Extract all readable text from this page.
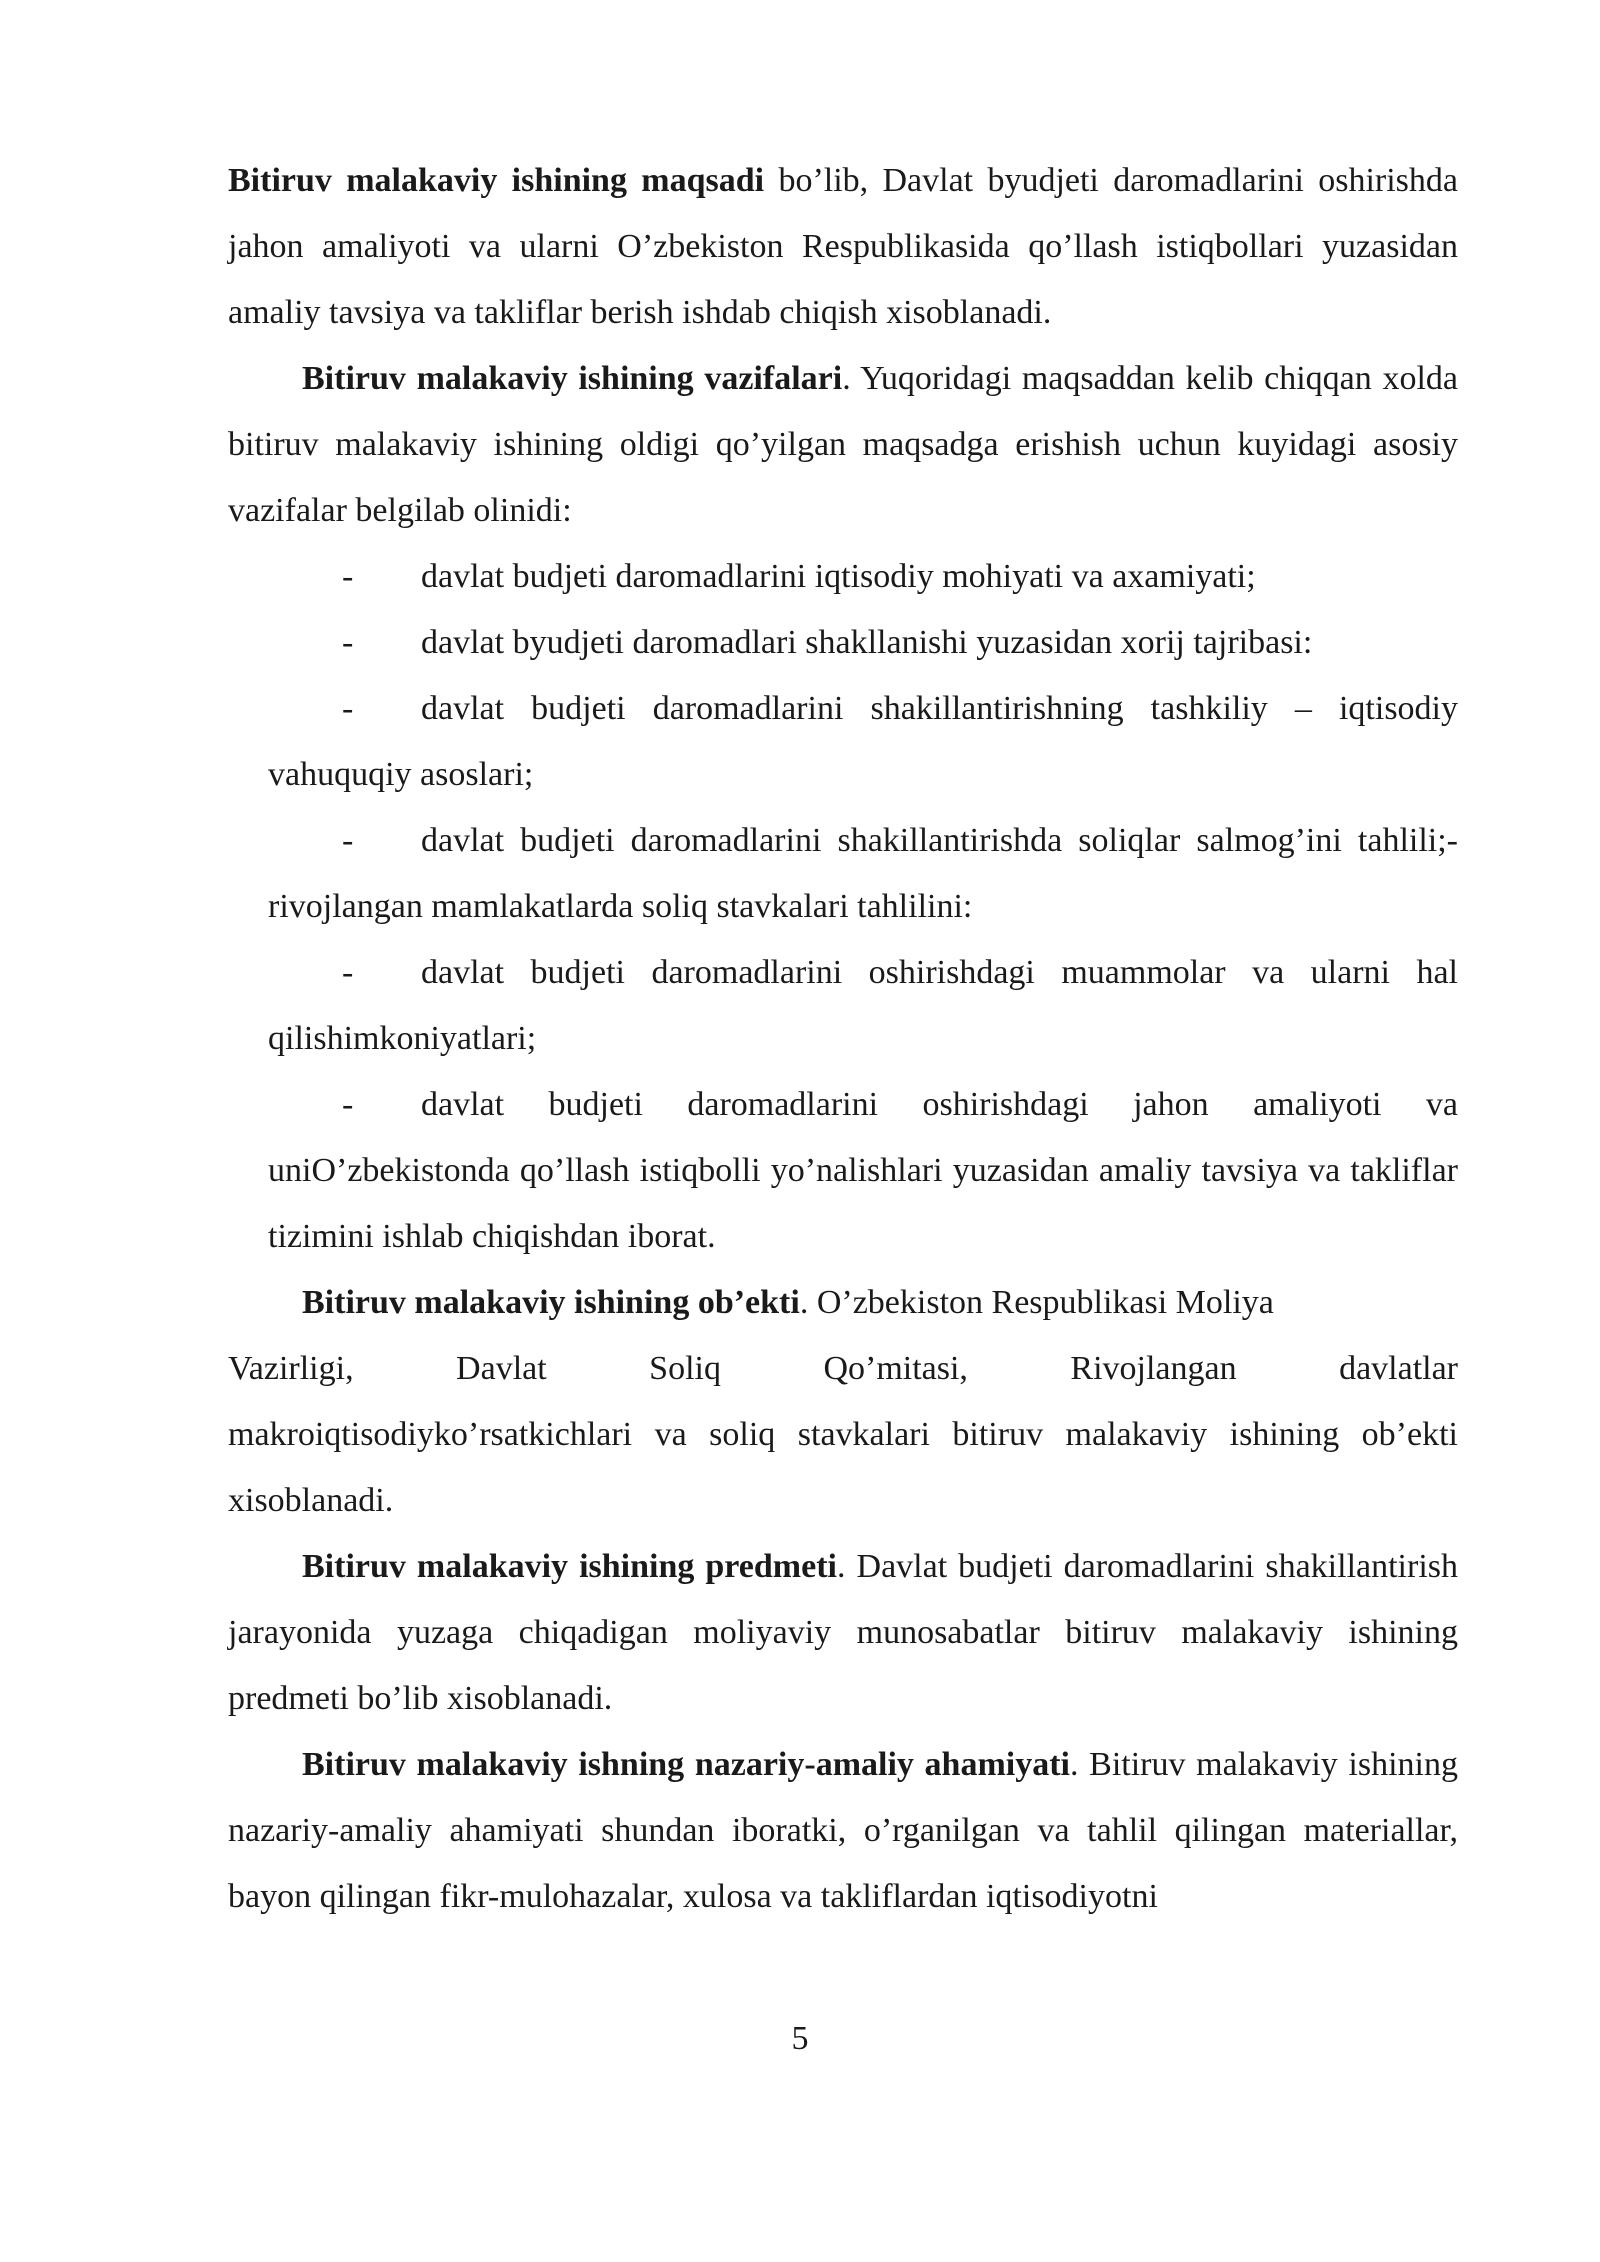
Bitiruv malakaviy ishining maqsadi bo’lib, Davlat byudjeti daromadlarini oshirishda jahon amaliyoti va ularni O’zbekiston Respublikasida qo’llash istiqbollari yuzasidan amaliy tavsiya va takliflar berish ishdab chiqish xisoblanadi.

Bitiruv malakaviy ishining vazifalari. Yuqoridagi maqsaddan kelib chiqqan xolda bitiruv malakaviy ishining oldigi qo’yilgan maqsadga erishish uchun kuyidagi asosiy vazifalar belgilab olinidi:

-	davlat budjeti daromadlarini iqtisodiy mohiyati va axamiyati;
-	davlat byudjeti daromadlari shakllanishi yuzasidan xorij tajribasi:
-	davlat budjeti daromadlarini shakillantirishning tashkiliy – iqtisodiy vahuquqiy asoslari;
-	davlat budjeti daromadlarini shakillantirishda soliqlar salmog’ini tahlili;- rivojlangan mamlakatlarda soliq stavkalari tahlilini:
-	davlat budjeti daromadlarini oshirishdagi muammolar va ularni hal qilishimkoniyatlari;
-	davlat budjeti daromadlarini oshirishdagi jahon amaliyoti va uniO’zbekistonda qo’llash istiqbolli yo’nalishlari yuzasidan amaliy tavsiya va takliflar tizimini ishlab chiqishdan iborat.

Bitiruv malakaviy ishining ob’ekti. O’zbekiston Respublikasi Moliya

Vazirligi,	Davlat	Soliq	Qo’mitasi,	Rivojlangan	davlatlar

makroiqtisodiyko’rsatkichlari va soliq stavkalari bitiruv malakaviy ishining ob’ekti xisoblanadi.

Bitiruv malakaviy ishining predmeti. Davlat budjeti daromadlarini shakillantirish jarayonida yuzaga chiqadigan moliyaviy munosabatlar bitiruv malakaviy ishining predmeti bo’lib xisoblanadi.

Bitiruv malakaviy ishning nazariy-amaliy ahamiyati. Bitiruv malakaviy ishining nazariy-amaliy ahamiyati shundan iboratki, o’rganilgan va tahlil qilingan materiallar, bayon qilingan fikr-mulohazalar, xulosa va takliflardan iqtisodiyotni

5
